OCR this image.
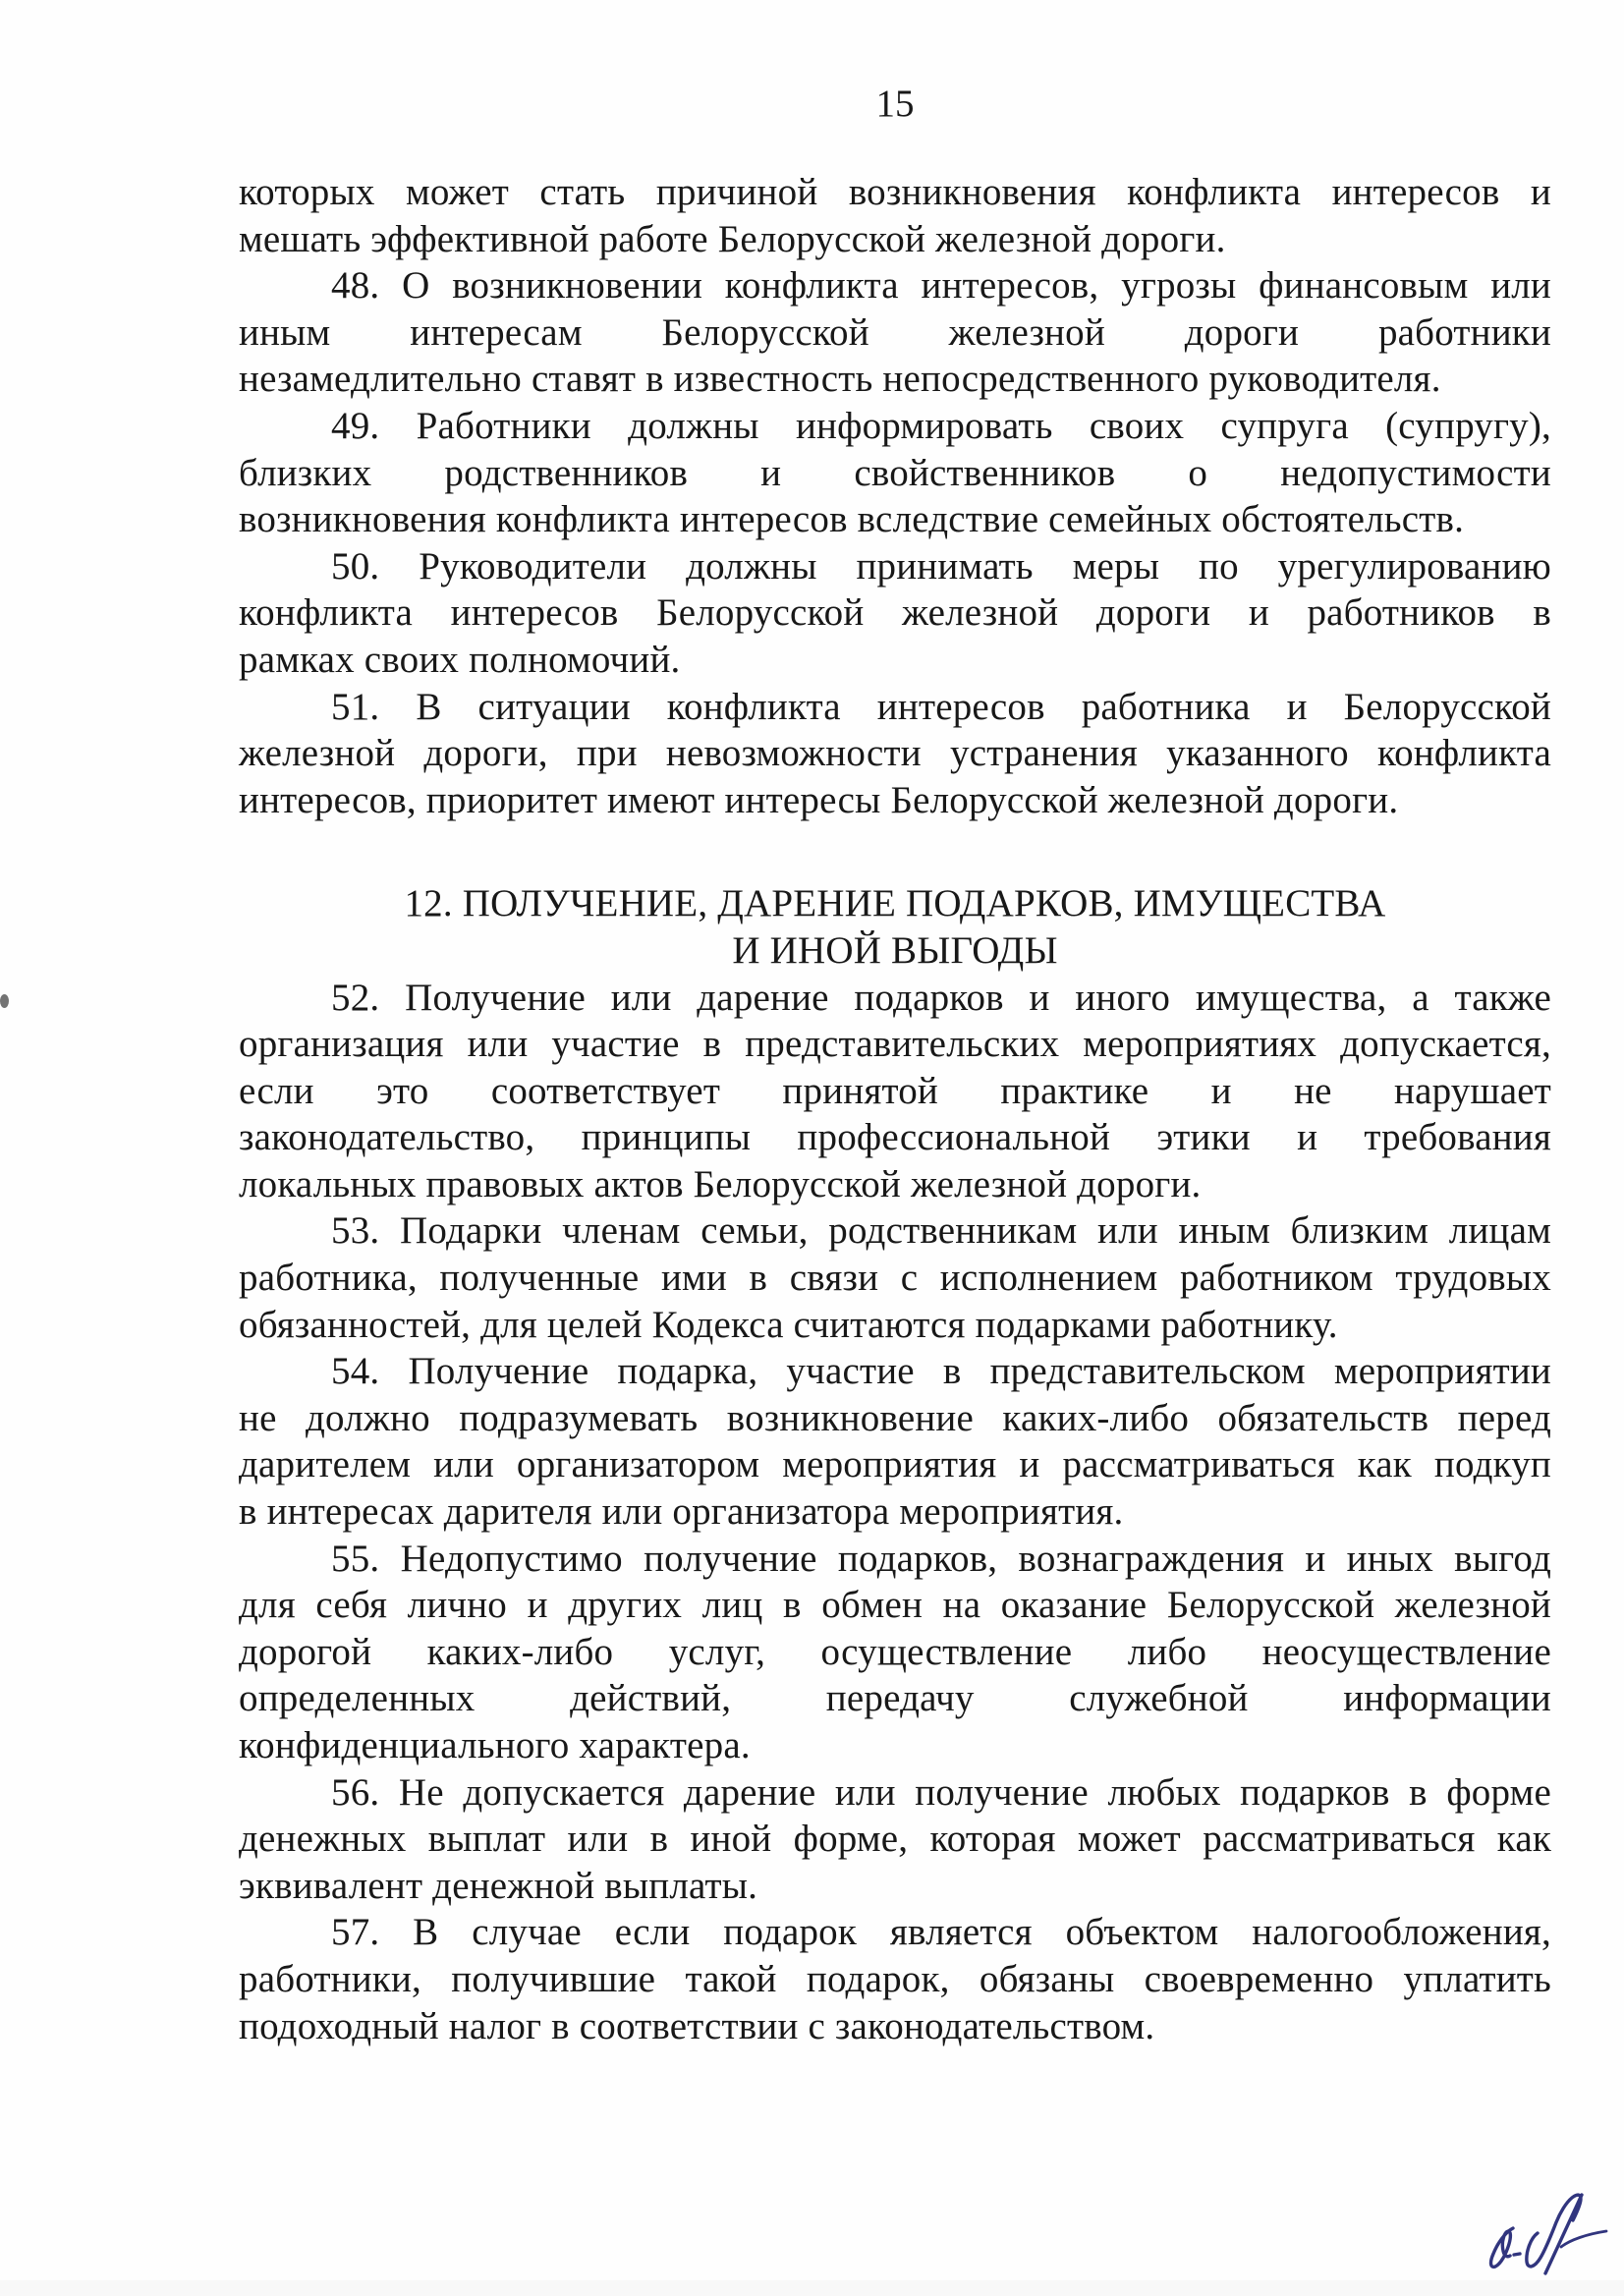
15
которых может стать причиной возникновения конфликта интересов и
мешать эффективной работе Белорусской железной дороги.
48. О возникновении конфликта интересов, угрозы финансовым или
иным интересам Белорусской железной дороги работники
незамедлительно ставят в известность непосредственного руководителя.
49. Работники должны информировать своих супруга (супругу),
близких родственников и свойственников о недопустимости
возникновения конфликта интересов вследствие семейных обстоятельств.
50. Руководители должны принимать меры по урегулированию
конфликта интересов Белорусской железной дороги и работников в
рамках своих полномочий.
51. В ситуации конфликта интересов работника и Белорусской
железной дороги, при невозможности устранения указанного конфликта
интересов, приоритет имеют интересы Белорусской железной дороги.
12. ПОЛУЧЕНИЕ, ДАРЕНИЕ ПОДАРКОВ, ИМУЩЕСТВА
И ИНОЙ ВЫГОДЫ
52. Получение или дарение подарков и иного имущества, а также
организация или участие в представительских мероприятиях допускается,
если это соответствует принятой практике и не нарушает
законодательство, принципы профессиональной этики и требования
локальных правовых актов Белорусской железной дороги.
53. Подарки членам семьи, родственникам или иным близким лицам
работника, полученные ими в связи с исполнением работником трудовых
обязанностей, для целей Кодекса считаются подарками работнику.
54. Получение подарка, участие в представительском мероприятии
не должно подразумевать возникновение каких-либо обязательств перед
дарителем или организатором мероприятия и рассматриваться как подкуп
в интересах дарителя или организатора мероприятия.
55. Недопустимо получение подарков, вознаграждения и иных выгод
для себя лично и других лиц в обмен на оказание Белорусской железной
дорогой каких-либо услуг, осуществление либо неосуществление
определенных действий, передачу служебной информации
конфиденциального характера.
56. Не допускается дарение или получение любых подарков в форме
денежных выплат или в иной форме, которая может рассматриваться как
эквивалент денежной выплаты.
57. В случае если подарок является объектом налогообложения,
работники, получившие такой подарок, обязаны своевременно уплатить
подоходный налог в соответствии с законодательством.
